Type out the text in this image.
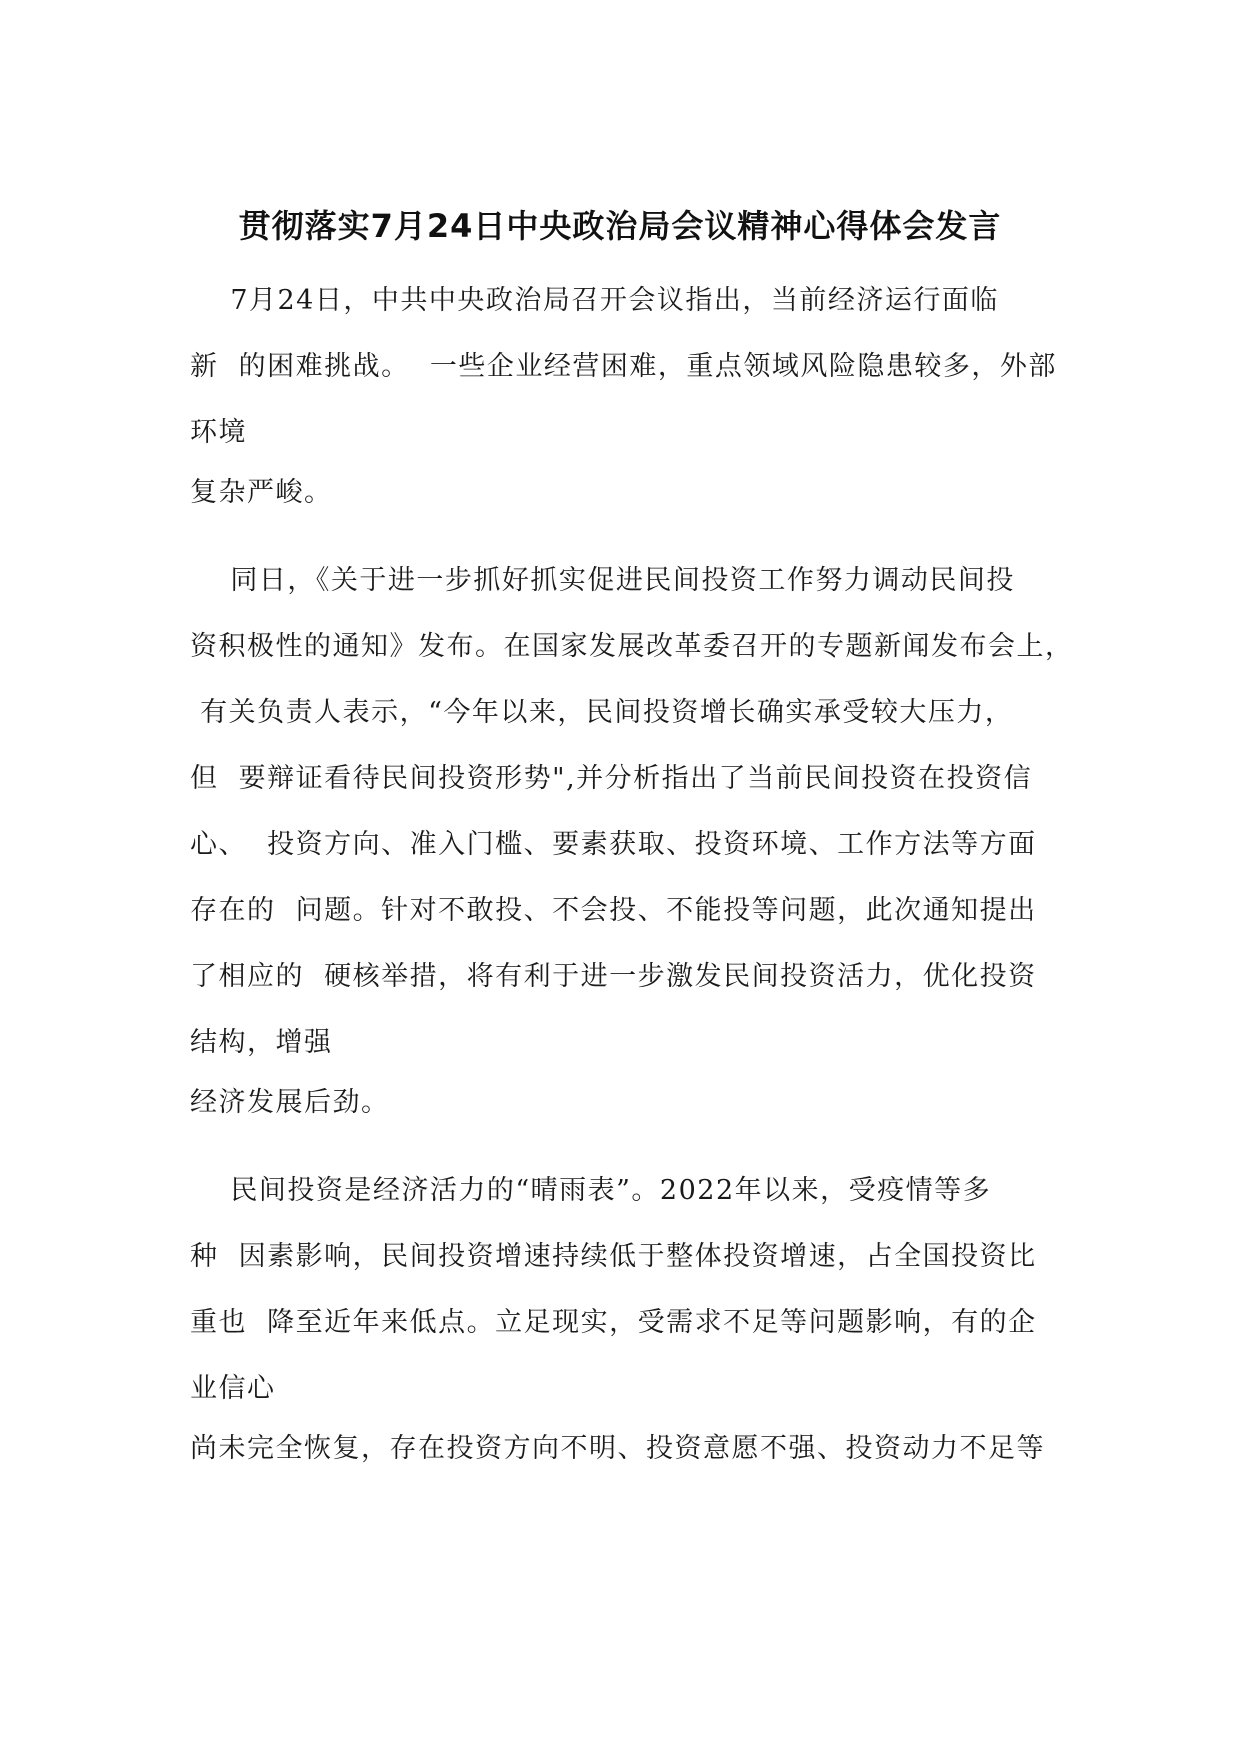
贯彻落实7月24日中央政治局会议精神心得体会发言
7月24日，中共中央政治局召开会议指出，当前经济运行面临
新  的困难挑战。  一些企业经营困难，重点领域风险隐患较多，外部
环境
复杂严峻。
同日，《关于进一步抓好抓实促进民间投资工作努力调动民间投
资积极性的通知》发布。在国家发展改革委召开的专题新闻发布会上，
有关负责人表示，“今年以来，民间投资增长确实承受较大压力，
但  要辩证看待民间投资形势",并分析指出了当前民间投资在投资信
心、  投资方向、准入门槛、要素获取、投资环境、工作方法等方面
存在的  问题。针对不敢投、不会投、不能投等问题，此次通知提出
了相应的  硬核举措，将有利于进一步激发民间投资活力，优化投资
结构，增强
经济发展后劲。
民间投资是经济活力的“晴雨表”。2022年以来，受疫情等多
种  因素影响，民间投资增速持续低于整体投资增速，占全国投资比
重也  降至近年来低点。立足现实，受需求不足等问题影响，有的企
业信心
尚未完全恢复，存在投资方向不明、投资意愿不强、投资动力不足等
